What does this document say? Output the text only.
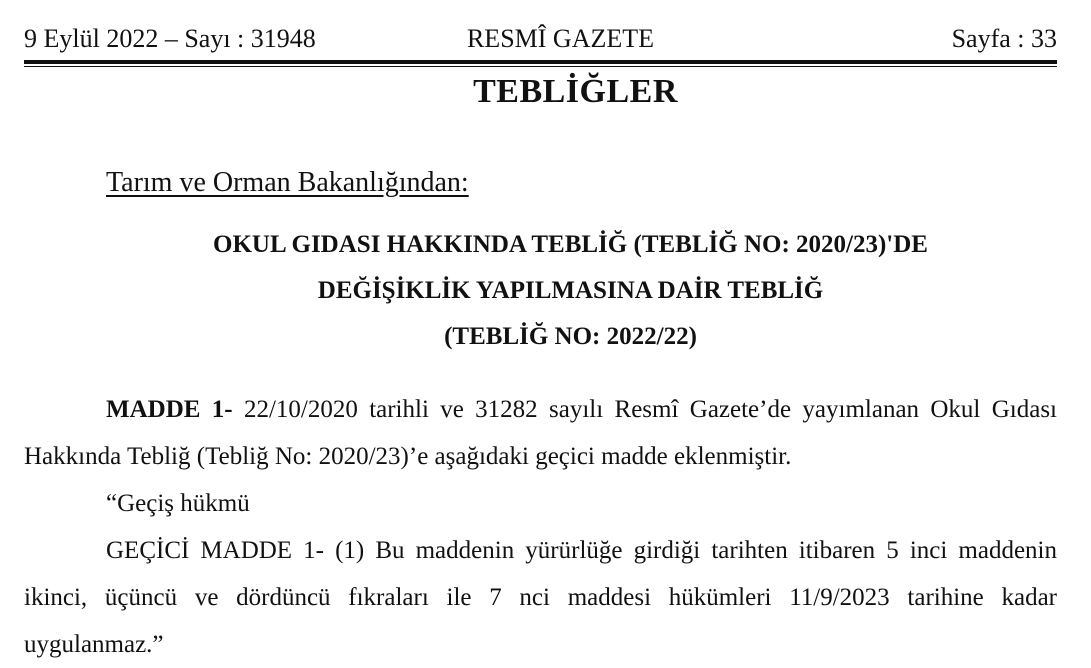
9 Eylül 2022 – Sayı : 31948	RESMÎ GAZETE	Sayfa : 33
TEBLİĞLER
Tarım ve Orman Bakanlığından:
OKUL GIDASI HAKKINDA TEBLİĞ (TEBLİĞ NO: 2020/23)'DE
DEĞİŞİKLİK YAPILMASINA DAİR TEBLİĞ
(TEBLİĞ NO: 2022/22)

MADDE 1- 22/10/2020 tarihli ve 31282 sayılı Resmî Gazete’de yayımlanan Okul Gıdası Hakkında Tebliğ (Tebliğ No: 2020/23)’e aşağıdaki geçici madde eklenmiştir.

“Geçiş hükmü

GEÇİCİ MADDE 1- (1) Bu maddenin yürürlüğe girdiği tarihten itibaren 5 inci maddenin ikinci, üçüncü ve dördüncü fıkraları ile 7 nci maddesi hükümleri 11/9/2023 tarihine kadar uygulanmaz.”
